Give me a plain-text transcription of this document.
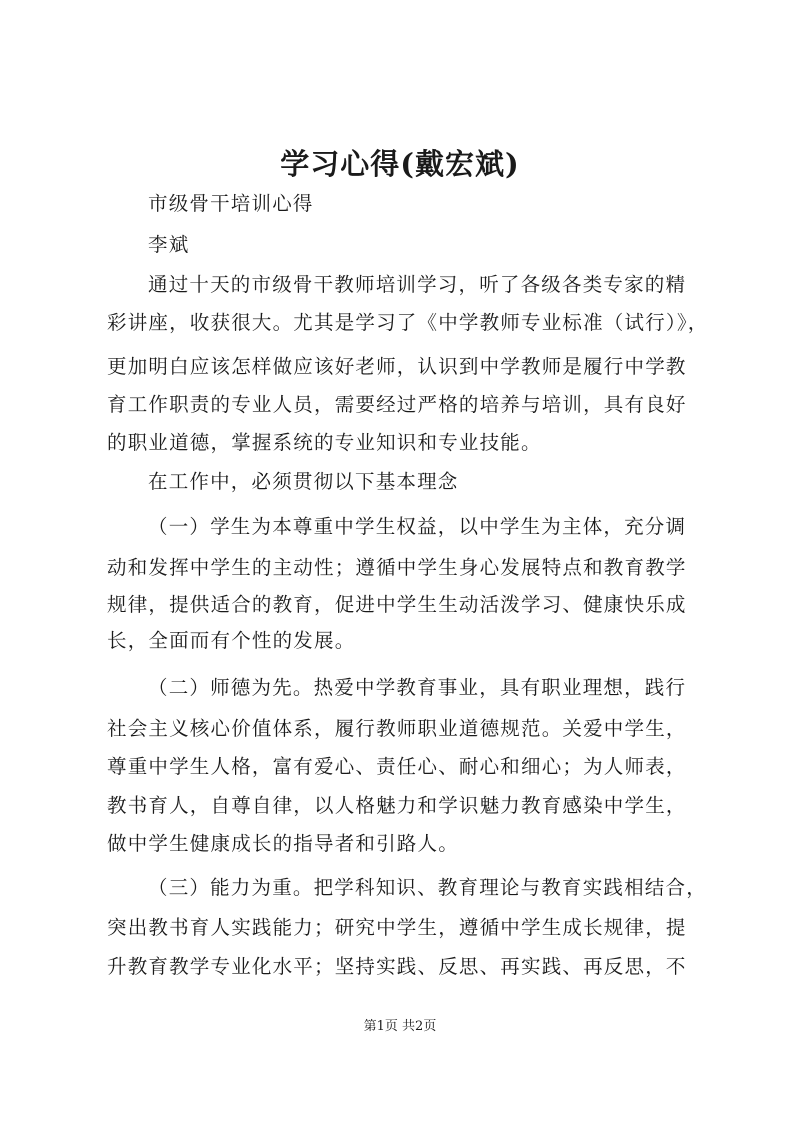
学习心得(戴宏斌)
市级骨干培训心得
李斌
通过十天的市级骨干教师培训学习，听了各级各类专家的精
彩讲座，收获很大。尤其是学习了《中学教师专业标准（试行）》，
更加明白应该怎样做应该好老师，认识到中学教师是履行中学教
育工作职责的专业人员，需要经过严格的培养与培训，具有良好
的职业道德，掌握系统的专业知识和专业技能。
在工作中，必须贯彻以下基本理念
（一）学生为本尊重中学生权益，以中学生为主体，充分调
动和发挥中学生的主动性；遵循中学生身心发展特点和教育教学
规律，提供适合的教育，促进中学生生动活泼学习、健康快乐成
长，全面而有个性的发展。
（二）师德为先。热爱中学教育事业，具有职业理想，践行
社会主义核心价值体系，履行教师职业道德规范。关爱中学生，
尊重中学生人格，富有爱心、责任心、耐心和细心；为人师表，
教书育人，自尊自律，以人格魅力和学识魅力教育感染中学生，
做中学生健康成长的指导者和引路人。
（三）能力为重。把学科知识、教育理论与教育实践相结合，
突出教书育人实践能力；研究中学生，遵循中学生成长规律，提
升教育教学专业化水平；坚持实践、反思、再实践、再反思，不
第1页 共2页
